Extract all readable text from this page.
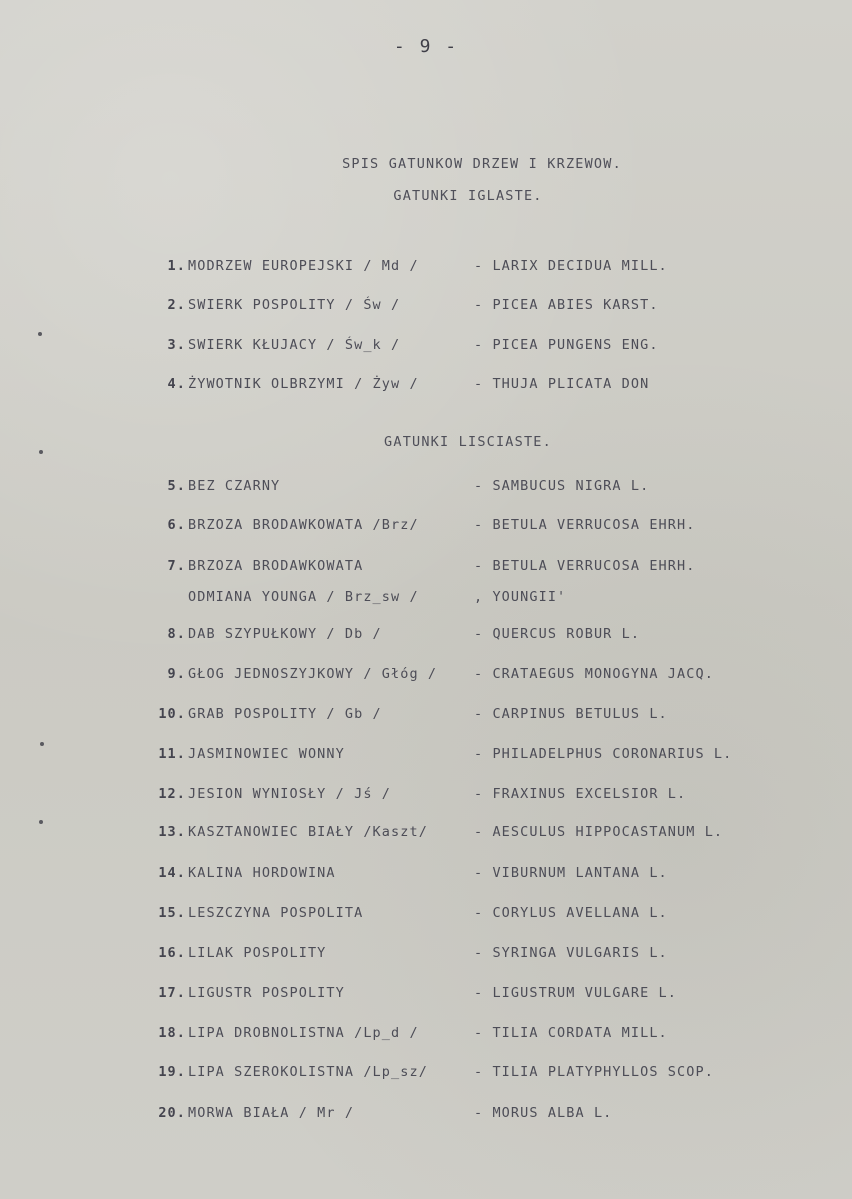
- 9 -
SPIS GATUNKOW DRZEW I KRZEWOW.
GATUNKI IGLASTE.
GATUNKI LISCIASTE.
1. MODRZEW EUROPEJSKI / Md /	- LARIX DECIDUA MILL.
2. SWIERK POSPOLITY / Św /	- PICEA ABIES KARST.
3. SWIERK KŁUJACY / Św_k /	- PICEA PUNGENS ENG.
4. ŻYWOTNIK OLBRZYMI / Żyw /	- THUJA PLICATA DON
5. BEZ CZARNY	- SAMBUCUS NIGRA L.
6. BRZOZA BRODAWKOWATA /Brz/	- BETULA VERRUCOSA EHRH.
7. BRZOZA BRODAWKOWATA	- BETULA VERRUCOSA EHRH.
ODMIANA YOUNGA / Brz_sw /	, YOUNGII'
8. DAB SZYPUŁKOWY / Db /	- QUERCUS ROBUR L.
9. GŁOG JEDNOSZYJKOWY / Głóg /	- CRATAEGUS MONOGYNA JACQ.
10. GRAB POSPOLITY / Gb /	- CARPINUS BETULUS L.
11. JASMINOWIEC WONNY	- PHILADELPHUS CORONARIUS L.
12. JESION WYNIOSŁY / Jś /	- FRAXINUS EXCELSIOR L.
13. KASZTANOWIEC BIAŁY /Kaszt/	- AESCULUS HIPPOCASTANUM L.
14. KALINA HORDOWINA	- VIBURNUM LANTANA L.
15. LESZCZYNA POSPOLITA	- CORYLUS AVELLANA L.
16. LILAK POSPOLITY	- SYRINGA VULGARIS L.
17. LIGUSTR POSPOLITY	- LIGUSTRUM VULGARE L.
18. LIPA DROBNOLISTNA /Lp_d /	- TILIA CORDATA MILL.
19. LIPA SZEROKOLISTNA /Lp_sz/	- TILIA PLATYPHYLLOS SCOP.
20. MORWA BIAŁA / Mr /	- MORUS ALBA L.
